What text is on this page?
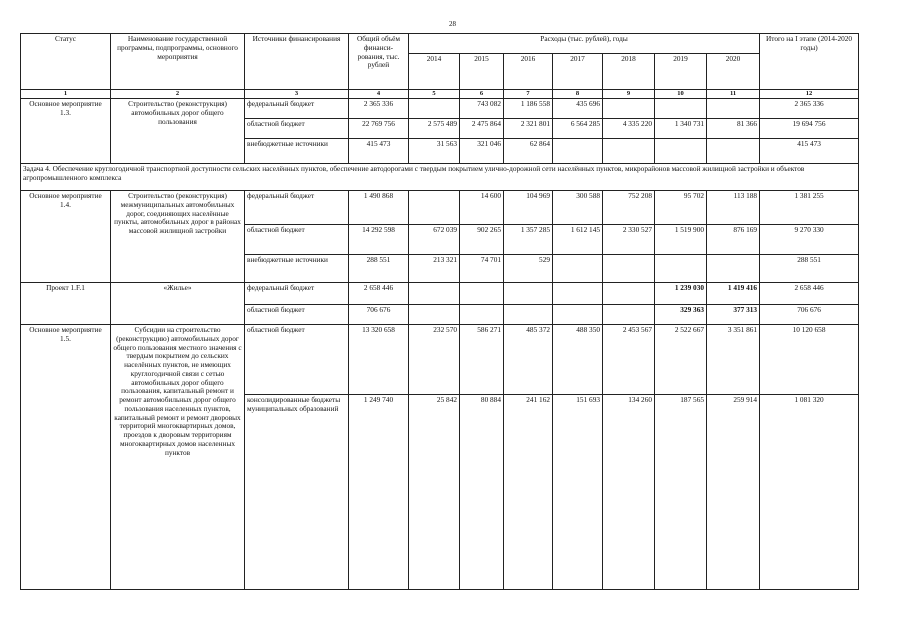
28
Статус	Наименование государственной программы, подпрограммы, основного мероприятия	Источники финансирования	Общий объём финанси-рования, тыс. рублей	Расходы (тыс. рублей), годы							Итого на I этапе (2014-2020 годы)
				2014	2015	2016	2017	2018	2019	2020	
1	2	3	4	5	6	7	8	9	10	11	12
Основное мероприятие 1.3.	Строительство (реконструкция) автомобильных дорог общего пользования	федеральный бюджет	2 365 336		743 082	1 186 558	435 696				2 365 336
		областной бюджет	22 769 756	2 575 489	2 475 864	2 321 801	6 564 285	4 335 220	1 340 731	81 366	19 694 756
		внебюджетные источники	415 473	31 563	321 046	62 864					415 473
Задача 4. Обеспечение круглогодичной транспортной доступности сельских населённых пунктов, обеспечение автодорогами с твердым покрытием улично-дорожной сети населённых пунктов, микрорайонов массовой жилищной застройки и объектов агропромышленного комплекса											
Основное мероприятие 1.4.	Строительство (реконструкция) межмуниципальных автомобильных дорог, соединяющих населённые пункты, автомобильных дорог в районах массовой жилищной застройки	федеральный бюджет	1 490 868		14 600	104 969	300 588	752 208	95 702	113 188	1 381 255
		областной бюджет	14 292 598	672 039	902 265	1 357 285	1 612 145	2 330 527	1 519 900	876 169	9 270 330
		внебюджетные источники	288 551	213 321	74 701	529					288 551
Проект 1.F.1	«Жилье»	федеральный бюджет	2 658 446						1 239 030	1 419 416	2 658 446
		областной бюджет	706 676						329 363	377 313	706 676
Основное мероприятие 1.5.	Субсидии на строительство (реконструкцию) автомобильных дорог общего пользования местного значения с твердым покрытием до сельских населённых пунктов, не имеющих круглогодичной связи с сетью автомобильных дорог общего пользования, капитальный ремонт и ремонт автомобильных дорог общего пользования населенных пунктов, капитальный ремонт и ремонт дворовых территорий многоквартирных домов, проездов к дворовым территориям многоквартирных домов населенных пунктов	областной бюджет	13 320 658	232 570	586 271	485 372	488 350	2 453 567	2 522 667	3 351 861	10 120 658
		консолидированные бюджеты муниципальных образований	1 249 740	25 842	80 884	241 162	151 693	134 260	187 565	259 914	1 081 320
